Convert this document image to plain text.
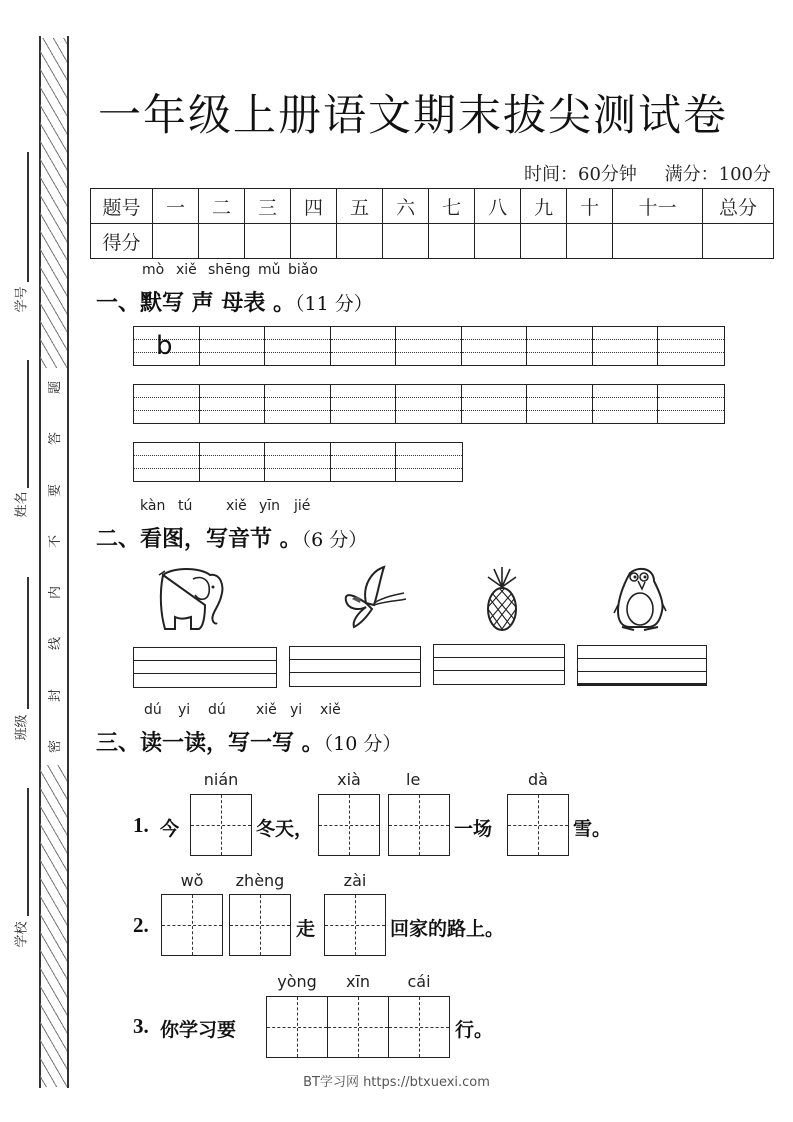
题
答
要
不
内
线
封
密
学号
姓名
班级
学校
一年级上册语文期末拔尖测试卷
时间：60分钟 满分：100分
题号	一	二	三	四	五	六	七	八	九	十	十一	总分
得分												
mò xiě shēng mǔ biǎo
一、默写 声 母表 。（11 分）
b
kàn tú xiě yīn jié
二、看图，写音节 。（6 分）
dú yi dú xiě yi xiě
三、读一读，写一写 。（10 分）
1. 今
nián
冬天，
xià	le
一场
dà
雪。
2.
wǒ	zhèng
走
zài
回家的路上。
3. 你学习要
yòng	xīn	cái
行。
BT学习网 https://btxuexi.com
